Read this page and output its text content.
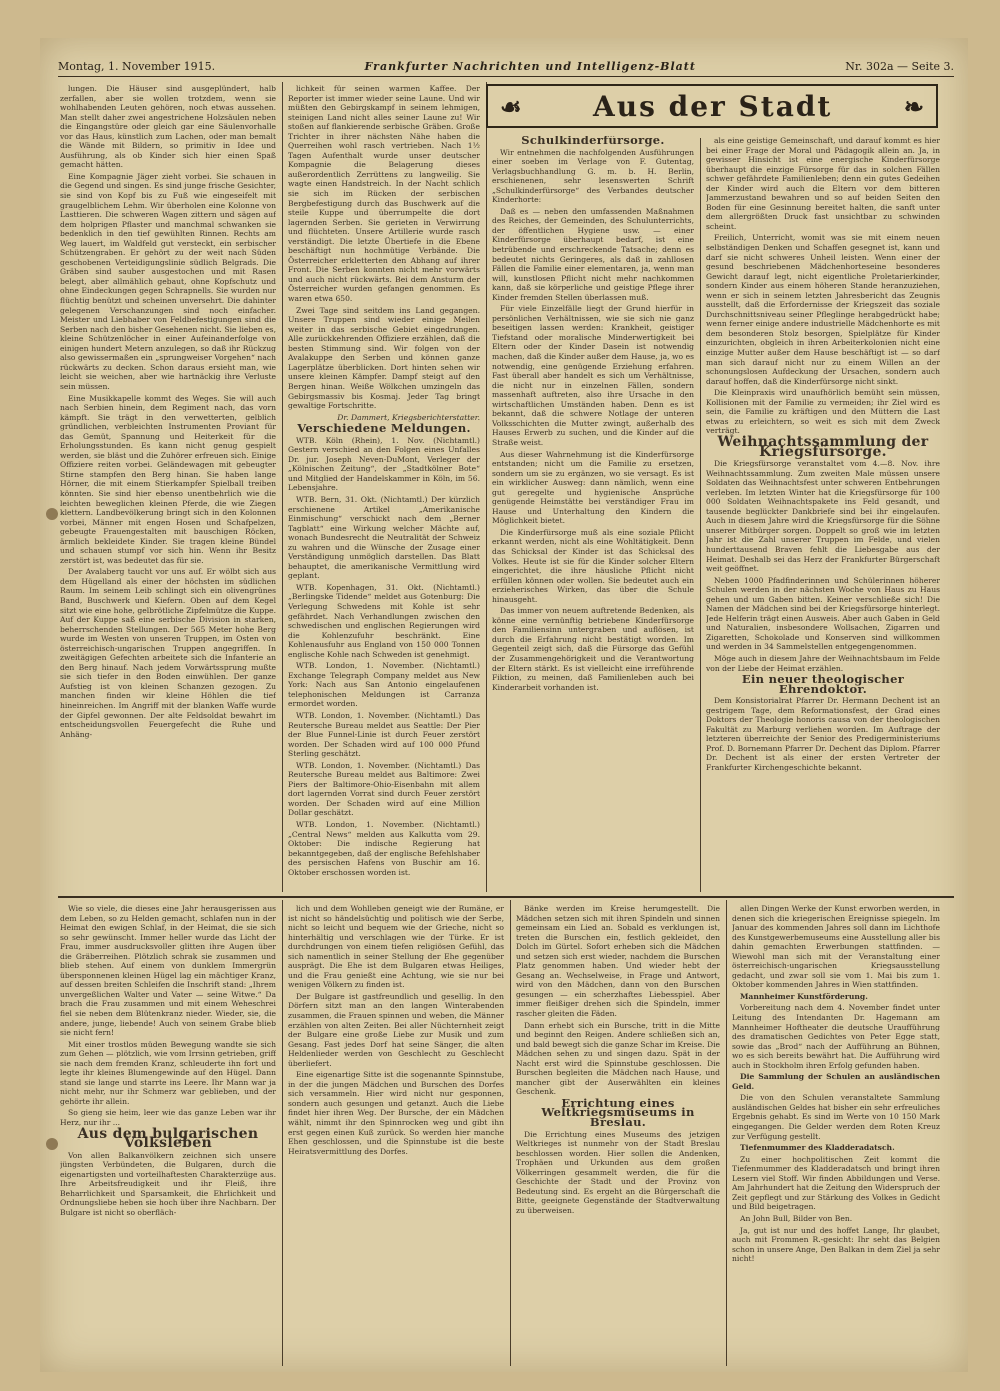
Montag, 1. November 1915.	Frankfurter Nachrichten und Intelligenz-Blatt	Nr. 302a — Seite 3.
☙	Aus der Stadt	❧

lungen. Die Häuser sind ausgeplündert, halb zerfallen, aber sie wollen trotzdem, wenn sie wohlhabenden Leuten gehören, noch etwas aussehen. Man stellt daher zwei angestrichene Holzsäulen neben die Eingangstüre oder gleich gar eine Säulenvorhalle vor das Haus, künstlich zum Lachen, oder man bemalt die Wände mit Bildern, so primitiv in Idee und Ausführung, als ob Kinder sich hier einen Spaß gemacht hätten.

Eine Kompagnie Jäger zieht vorbei. Sie schauen in die Gegend und singen. Es sind junge frische Gesichter, sie sind von Kopf bis zu Fuß wie eingeseifelt mit graugelblichem Lehm. Wir überholen eine Kolonne von Lasttieren. Die schweren Wagen zittern und sägen auf dem holprigen Pflaster und manchmal schwanken sie bedenklich in den tief gewühlten Rinnen. Rechts am Weg lauert, im Waldfeld gut versteckt, ein serbischer Schützengraben. Er gehört zu der weit nach Süden geschobenen Verteidigungslinie südlich Belgrads. Die Gräben sind sauber ausgestochen und mit Rasen belegt, aber allmählich gebaut, ohne Kopfschutz und ohne Eindeckungen gegen Schrapnells. Sie wurden nur flüchtig benützt und scheinen unversehrt. Die dahinter gelegenen Verschanzungen sind noch einfacher. Meister und Liebhaber von Feldbefestigungen sind die Serben nach den bisher Gesehenen nicht. Sie lieben es, kleine Schützenlöcher in einer Aufeinanderfolge von einigen hundert Metern anzulegen, so daß ihr Rückzug also gewissermaßen ein „sprungweiser Vorgehen“ nach rückwärts zu decken. Schon daraus ersieht man, wie leicht sie weichen, aber wie hartnäckig ihre Verluste sein müssen.

Eine Musikkapelle kommt des Weges. Sie will auch nach Serbien hinein, dem Regiment nach, das vorn kämpft. Sie trägt in den verwetterten, gelblich gründlichen, verbleichten Instrumenten Proviant für das Gemüt, Spannung und Heiterkeit für die Erholungsstunden. Es kann nicht genug gespielt werden, sie bläst und die Zuhörer erfreuen sich. Einige Offiziere reiten vorbei. Geländewagen mit gebeugter Stirne stampfen den Berg hinan. Sie haben lange Hörner, die mit einem Stierkampfer Spielball treiben könnten. Sie sind hier ebenso unentbehrlich wie die leichten beweglichen kleinen Pferde, die wie Ziegen klettern. Landbevölkerung bringt sich in den Kolonnen vorbei, Männer mit engen Hosen und Schafpelzen, gebeugte Frauengestalten mit bauschigen Röcken, ärmlich bekleidete Kinder. Sie tragen kleine Bündel und schauen stumpf vor sich hin. Wenn ihr Besitz zerstört ist, was bedeutet das für sie.

Der Avalaberg taucht vor uns auf. Er wölbt sich aus dem Hügelland als einer der höchsten im südlichen Raum. Im seinem Leib schlingt sich ein olivengrünes Band, Buschwerk und Kiefern. Oben auf dem Kegel sitzt wie eine hohe, gelbrötliche Zipfelmütze die Kuppe. Auf der Kuppe saß eine serbische Division in starken, beherrschenden Stellungen. Der 565 Meter hohe Berg wurde im Westen von unseren Truppen, im Osten von österreichisch-ungarischen Truppen angegriffen. In zweitägigen Gefechten arbeitete sich die Infanterie an den Berg hinauf. Nach jedem Vorwärtssprung mußte sie sich tiefer in den Boden einwühlen. Der ganze Aufstieg ist von kleinen Schanzen gezogen. Zu manchen finden wir kleine Höhlen die tief hineinreichen. Im Angriff mit der blanken Waffe wurde der Gipfel gewonnen. Der alte Feldsoldat bewahrt im entscheidungsvollen Feuergefecht die Ruhe und Anhäng-

lichkeit für seinen warmen Kaffee. Der Reporter ist immer wieder seine Laune. Und wir müßten den Gebirgskampf in seinem lehmigen, steinigen Land nicht alles seiner Laune zu! Wir stoßen auf flankierende serbische Gräben. Große Trichter in ihrer nächsten Nähe haben die Querreihen wohl rasch vertrieben. Nach 1½ Tagen Aufenthalt wurde unser deutscher Kompagnie die Belagerung dieses außerordentlich Zerrüttens zu langweilig. Sie wagte einen Handstreich. In der Nacht schlich sie sich im Rücken der serbischen Bergbefestigung durch das Buschwerk auf die steile Kuppe und überrumpelte die dort lagernden Serben. Sie gerieten in Verwirrung und flüchteten. Unsere Artillerie wurde rasch verständigt. Die letzte Übertiefe in die Ebene beschäftigt nun hochmütige Verbände. Die Österreicher erkletterten den Abhang auf ihrer Front. Die Serben konnten nicht mehr vorwärts und auch nicht rückwärts. Bei dem Ansturm der Österreicher wurden gefangen genommen. Es waren etwa 650.

Zwei Tage sind seitdem ins Land gegangen. Unsere Truppen sind wieder einige Meilen weiter in das serbische Gebiet eingedrungen. Alle zurückkehrenden Offiziere erzählen, daß die besten Stimmung sind. Wir folgen von der Avalakuppe den Serben und können ganze Lagerplätze überblicken. Dort hinten sehen wir unsere kleinen Kämpfer. Dampf steigt auf den Bergen hinan. Weiße Wölkchen umzingeln das Gebirgsmassiv bis Kosmaj. Jeder Tag bringt gewaltige Fortschritte.

Dr. Dammert, Kriegsberichterstatter.

Verschiedene Meldungen.

WTB. Köln (Rhein), 1. Nov. (Nichtamtl.) Gestern verschied an den Folgen eines Unfalles Dr. jur. Joseph Neven-DuMont, Verleger der „Kölnischen Zeitung“, der „Stadtkölner Bote“ und Mitglied der Handelskammer in Köln, im 56. Lebensjahre.

WTB. Bern, 31. Okt. (Nichtamtl.) Der kürzlich erschienene Artikel „Amerikanische Einmischung“ verschickt nach dem „Berner Tagblatt“ eine Wirkung welcher Mächte auf, wonach Bundesrecht die Neutralität der Schweiz zu wahren und die Wünsche der Zusage einer Verständigung unmöglich darstellen. Das Blatt behauptet, die amerikanische Vermittlung wird geplant.

WTB. Kopenhagen, 31. Okt. (Nichtamtl.) „Berlingske Tidende“ meldet aus Gotenburg: Die Verlegung Schwedens mit Kohle ist sehr gefährdet. Nach Verhandlungen zwischen den schwedischen und englischen Regierungen wird die Kohlenzufuhr beschränkt. Eine Kohlenausfuhr aus England von 150 000 Tonnen englische Kohle nach Schweden ist genehmigt.

WTB. London, 1. November. (Nichtamtl.) Exchange Telegraph Company meldet aus New York: Nach aus San Antonio eingelaufenen telephonischen Meldungen ist Carranza ermordet worden.

WTB. London, 1. November. (Nichtamtl.) Das Reutersche Bureau meldet aus Seattle: Der Pier der Blue Funnel-Linie ist durch Feuer zerstört worden. Der Schaden wird auf 100 000 Pfund Sterling geschätzt.

WTB. London, 1. November. (Nichtamtl.) Das Reutersche Bureau meldet aus Baltimore: Zwei Piers der Baltimore-Ohio-Eisenbahn mit allem dort lagernden Vorrat sind durch Feuer zerstört worden. Der Schaden wird auf eine Million Dollar geschätzt.

WTB. London, 1. November. (Nichtamtl.) „Central News“ melden aus Kalkutta vom 29. Oktober: Die indische Regierung hat bekanntgegeben, daß der englische Befehlshaber des persischen Hafens von Buschir am 16. Oktober erschossen worden ist.

Schulkinderfürsorge.

Wir entnehmen die nachfolgenden Ausführungen einer soeben im Verlage von F. Gutentag, Verlagsbuchhandlung G. m. b. H. Berlin, erschienenen, sehr lesenswerten Schrift „Schulkinderfürsorge“ des Verbandes deutscher Kinderhorte:

Daß es — neben den umfassenden Maßnahmen des Reiches, der Gemeinden, des Schulunterrichts, der öffentlichen Hygiene usw. — einer Kinderfürsorge überhaupt bedarf, ist eine betrübende und erschreckende Tatsache; denn es bedeutet nichts Geringeres, als daß in zahllosen Fällen die Familie einer elementaren, ja, wenn man will, kunstlosen Pflicht nicht mehr nachkommen kann, daß sie körperliche und geistige Pflege ihrer Kinder fremden Stellen überlassen muß.

Für viele Einzelfälle liegt der Grund hierfür in persönlichen Verhältnissen, wie sie sich nie ganz beseitigen lassen werden: Krankheit, geistiger Tiefstand oder moralische Minderwertigkeit bei Eltern oder der Kinder Dasein ist notwendig machen, daß die Kinder außer dem Hause, ja, wo es notwendig, eine genügende Erziehung erfahren. Fast überall aber handelt es sich um Verhältnisse, die nicht nur in einzelnen Fällen, sondern massenhaft auftreten, also ihre Ursache in den wirtschaftlichen Umständen haben. Denn es ist bekannt, daß die schwere Notlage der unteren Volksschichten die Mutter zwingt, außerhalb des Hauses Erwerb zu suchen, und die Kinder auf die Straße weist.

Aus dieser Wahrnehmung ist die Kinderfürsorge entstanden; nicht um die Familie zu ersetzen, sondern um sie zu ergänzen, wo sie versagt. Es ist ein wirklicher Ausweg: dann nämlich, wenn eine gut geregelte und hygienische Ansprüche genügende Heimstätte bei verständiger Frau im Hause und Unterhaltung den Kindern die Möglichkeit bietet.

Die Kinderfürsorge muß als eine soziale Pflicht erkannt werden, nicht als eine Wohltätigkeit. Denn das Schicksal der Kinder ist das Schicksal des Volkes. Heute ist sie für die Kinder solcher Eltern eingerichtet, die ihre häusliche Pflicht nicht erfüllen können oder wollen. Sie bedeutet auch ein erzieherisches Wirken, das über die Schule hinausgeht.

Das immer von neuem auftretende Bedenken, als könne eine vernünftig betriebene Kinderfürsorge den Familiensinn untergraben und auflösen, ist durch die Erfahrung nicht bestätigt worden. Im Gegenteil zeigt sich, daß die Fürsorge das Gefühl der Zusammengehörigkeit und die Verantwortung der Eltern stärkt. Es ist vielleicht eine irreführende Fiktion, zu meinen, daß Familienleben auch bei Kinderarbeit vorhanden ist.

als eine geistige Gemeinschaft, und darauf kommt es hier bei einer Frage der Moral und Pädagogik allein an. Ja, in gewisser Hinsicht ist eine energische Kinderfürsorge überhaupt die einzige Fürsorge für das in solchen Fällen schwer gefährdete Familienleben; denn ein gutes Gedeihen der Kinder wird auch die Eltern vor dem bitteren Jammerzustand bewahren und so auf beiden Seiten den Boden für eine Gesinnung bereitet halten, die sanft unter dem allergrößten Druck fast unsichtbar zu schwinden scheint.

Freilich, Unterricht, womit was sie mit einem neuen selbständigen Denken und Schaffen gesegnet ist, kann und darf sie nicht schweres Unheil leisten. Wenn einer der gesund beschriebenen Mädchenhorteseine besonderes Gewicht darauf legt, nicht eigentliche Proletarierkinder, sondern Kinder aus einem höheren Stande heranzuziehen, wenn er sich in seinem letzten Jahresbericht das Zeugnis ausstellt, daß die Erfordernisse der Kriegszeit das soziale Durchschnittsniveau seiner Pfleglinge herabgedrückt habe; wenn ferner einige andere industrielle Mädchenhorte es mit dem besonderen Stolz besorgen, Spielplätze für Kinder einzurichten, obgleich in ihren Arbeiterkolonien nicht eine einzige Mutter außer dem Hause beschäftigt ist — so darf man sich darauf nicht nur zu einem Willen an der schonungslosen Aufdeckung der Ursachen, sondern auch darauf hoffen, daß die Kinderfürsorge nicht sinkt.

Die Kleinpraxis wird unaufhörlich bemüht sein müssen, Kollisionen mit der Familie zu vermeiden; ihr Ziel wird es sein, die Familie zu kräftigen und den Müttern die Last etwas zu erleichtern, so weit es sich mit dem Zweck verträgt.

Weihnachtssammlung der Kriegsfürsorge.

Die Kriegsfürsorge veranstaltet vom 4.—8. Nov. ihre Weihnachtssammlung. Zum zweiten Male müssen unsere Soldaten das Weihnachtsfest unter schweren Entbehrungen verleben. Im letzten Winter hat die Kriegsfürsorge für 100 000 Soldaten Weihnachtspakete ins Feld gesandt, und tausende beglückter Dankbriefe sind bei ihr eingelaufen. Auch in diesem Jahre wird die Kriegsfürsorge für die Söhne unserer Mitbürger sorgen. Doppelt so groß wie im letzten Jahr ist die Zahl unserer Truppen im Felde, und vielen hunderttausend Braven fehlt die Liebesgabe aus der Heimat. Deshalb sei das Herz der Frankfurter Bürgerschaft weit geöffnet.

Neben 1000 Pfadfinderinnen und Schülerinnen höherer Schulen werden in der nächsten Woche von Haus zu Haus gehen und um Gaben bitten. Keiner verschließe sich! Die Namen der Mädchen sind bei der Kriegsfürsorge hinterlegt. Jede Helferin trägt einen Ausweis. Aber auch Gaben in Geld und Naturalien, insbesondere Wollsachen, Zigarren und Zigaretten, Schokolade und Konserven sind willkommen und werden in 34 Sammelstellen entgegengenommen.

Möge auch in diesem Jahre der Weihnachtsbaum im Felde von der Liebe der Heimat erzählen.

Ein neuer theologischer Ehrendoktor.

Dem Konsistorialrat Pfarrer Dr. Hermann Dechent ist an gestrigem Tage, dem Reformationsfest, der Grad eines Doktors der Theologie honoris causa von der theologischen Fakultät zu Marburg verliehen worden. Im Auftrage der letzteren überreichte der Senior des Predigerministeriums Prof. D. Bornemann Pfarrer Dr. Dechent das Diplom. Pfarrer Dr. Dechent ist als einer der ersten Vertreter der Frankfurter Kirchengeschichte bekannt.

Wie so viele, die dieses eine Jahr herausgerissen aus dem Leben, so zu Helden gemacht, schlafen nun in der Heimat den ewigen Schlaf, in der Heimat, die sie sich so sehr gewünscht. Immer heller wurde das Licht der Frau, immer ausdrucksvoller glitten ihre Augen über die Gräberreihen. Plötzlich schrak sie zusammen und blieb stehen. Auf einem von dunklem Immergrün übersponnenen kleinen Hügel lag ein mächtiger Kranz, auf dessen breiten Schleifen die Inschrift stand: „Ihrem unvergeßlichen Walter und Vater — seine Witwe.“ Da brach die Frau zusammen und mit einem Weheschrei fiel sie neben dem Blütenkranz nieder. Wieder, sie, die andere, junge, liebende! Auch von seinem Grabe blieb sie nicht fern!

Mit einer trostlos müden Bewegung wandte sie sich zum Gehen — plötzlich, wie vom Irrsinn getrieben, griff sie nach dem fremden Kranz, schleuderte ihn fort und legte ihr kleines Blumengewinde auf den Hügel. Dann stand sie lange und starrte ins Leere. Ihr Mann war ja nicht mehr, nur ihr Schmerz war geblieben, und der gehörte ihr allein.

So gieng sie heim, leer wie das ganze Leben war ihr Herz, nur ihr ...

Aus dem bulgarischen Volksleben

Von allen Balkanvölkern zeichnen sich unsere jüngsten Verbündeten, die Bulgaren, durch die eigenartigsten und vorteilhaftesten Charakterzüge aus. Ihre Arbeitsfreudigkeit und ihr Fleiß, ihre Beharrlichkeit und Sparsamkeit, die Ehrlichkeit und Ordnungsliebe heben sie hoch über ihre Nachbarn. Der Bulgare ist nicht so oberfläch-

lich und dem Wohlleben geneigt wie der Rumäne, er ist nicht so händelsüchtig und politisch wie der Serbe, nicht so leicht und bequem wie der Grieche, nicht so hinterhältig und verschlagen wie der Türke. Er ist durchdrungen von einem tiefen religiösen Gefühl, das sich namentlich in seiner Stellung der Ehe gegenüber ausprägt. Die Ehe ist dem Bulgaren etwas Heiliges, und die Frau genießt eine Achtung, wie sie nur bei wenigen Völkern zu finden ist.

Der Bulgare ist gastfreundlich und gesellig. In den Dörfern sitzt man an den langen Winterabenden zusammen, die Frauen spinnen und weben, die Männer erzählen von alten Zeiten. Bei aller Nüchternheit zeigt der Bulgare eine große Liebe zur Musik und zum Gesang. Fast jedes Dorf hat seine Sänger, die alten Heldenlieder werden von Geschlecht zu Geschlecht überliefert.

Eine eigenartige Sitte ist die sogenannte Spinnstube, in der die jungen Mädchen und Burschen des Dorfes sich versammeln. Hier wird nicht nur gesponnen, sondern auch gesungen und getanzt. Auch die Liebe findet hier ihren Weg. Der Bursche, der ein Mädchen wählt, nimmt ihr den Spinnrocken weg und gibt ihn erst gegen einen Kuß zurück. So werden hier manche Ehen geschlossen, und die Spinnstube ist die beste Heiratsvermittlung des Dorfes.

Bänke werden im Kreise herumgestellt. Die Mädchen setzen sich mit ihren Spindeln und sinnen gemeinsam ein Lied an. Sobald es verklungen ist, treten die Burschen ein, festlich gekleidet, den Dolch im Gürtel. Sofort erheben sich die Mädchen und setzen sich erst wieder, nachdem die Burschen Platz genommen haben. Und wieder hebt der Gesang an. Wechselweise, in Frage und Antwort, wird von den Mädchen, dann von den Burschen gesungen — ein scherzhaftes Liebesspiel. Aber immer fleißiger drehen sich die Spindeln, immer rascher gleiten die Fäden.

Dann erhebt sich ein Bursche, tritt in die Mitte und beginnt den Reigen. Andere schließen sich an, und bald bewegt sich die ganze Schar im Kreise. Die Mädchen sehen zu und singen dazu. Spät in der Nacht erst wird die Spinnstube geschlossen. Die Burschen begleiten die Mädchen nach Hause, und mancher gibt der Auserwählten ein kleines Geschenk.

Errichtung eines Weltkriegsmuseums in Breslau.

Die Errichtung eines Museums des jetzigen Weltkrieges ist nunmehr von der Stadt Breslau beschlossen worden. Hier sollen die Andenken, Trophäen und Urkunden aus dem großen Völkerringen gesammelt werden, die für die Geschichte der Stadt und der Provinz von Bedeutung sind. Es ergeht an die Bürgerschaft die Bitte, geeignete Gegenstände der Stadtverwaltung zu überweisen.

allen Dingen Werke der Kunst erworben werden, in denen sich die kriegerischen Ereignisse spiegeln. Im Januar des kommenden Jahres soll dann im Lichthofe des Kunstgewerbemuseums eine Ausstellung aller bis dahin gemachten Erwerbungen stattfinden. — Wiewohl man sich mit der Veranstaltung einer österreichisch-ungarischen Kriegsausstellung gedacht, und zwar soll sie vom 1. Mai bis zum 1. Oktober kommenden Jahres in Wien stattfinden.

Mannheimer Kunstförderung.

Vorbereitung nach dem 4. November findet unter Leitung des Intendanten Dr. Hagemann am Mannheimer Hoftheater die deutsche Uraufführung des dramatischen Gedichtes von Peter Egge statt, sowie das „Brod“ nach der Aufführung an Bühnen, wo es sich bereits bewährt hat. Die Aufführung wird auch in Stockholm ihren Erfolg gefunden haben.

Die Sammlung der Schulen an ausländischen Geld.

Die von den Schulen veranstaltete Sammlung ausländischen Geldes hat bisher ein sehr erfreuliches Ergebnis gehabt. Es sind im Werte von 10 150 Mark eingegangen. Die Gelder werden dem Roten Kreuz zur Verfügung gestellt.

Tiefenmummer des Kladderadatsch.

Zu einer hochpolitischen Zeit kommt die Tiefenmummer des Kladderadatsch und bringt ihren Lesern viel Stoff. Wir finden Abbildungen und Verse. Am Jahrhundert hat die Zeitung den Widerspruch der Zeit gepflegt und zur Stärkung des Volkes in Gedicht und Bild beigetragen.

An John Bull, Bilder von Ben.

Ja, gut ist nur und des hoffet Lange, Ihr glaubet, auch mit Frommen R.-gesicht: Ihr seht das Belgien schon in unsere Ange, Den Balkan in dem Ziel ja sehr nicht!
